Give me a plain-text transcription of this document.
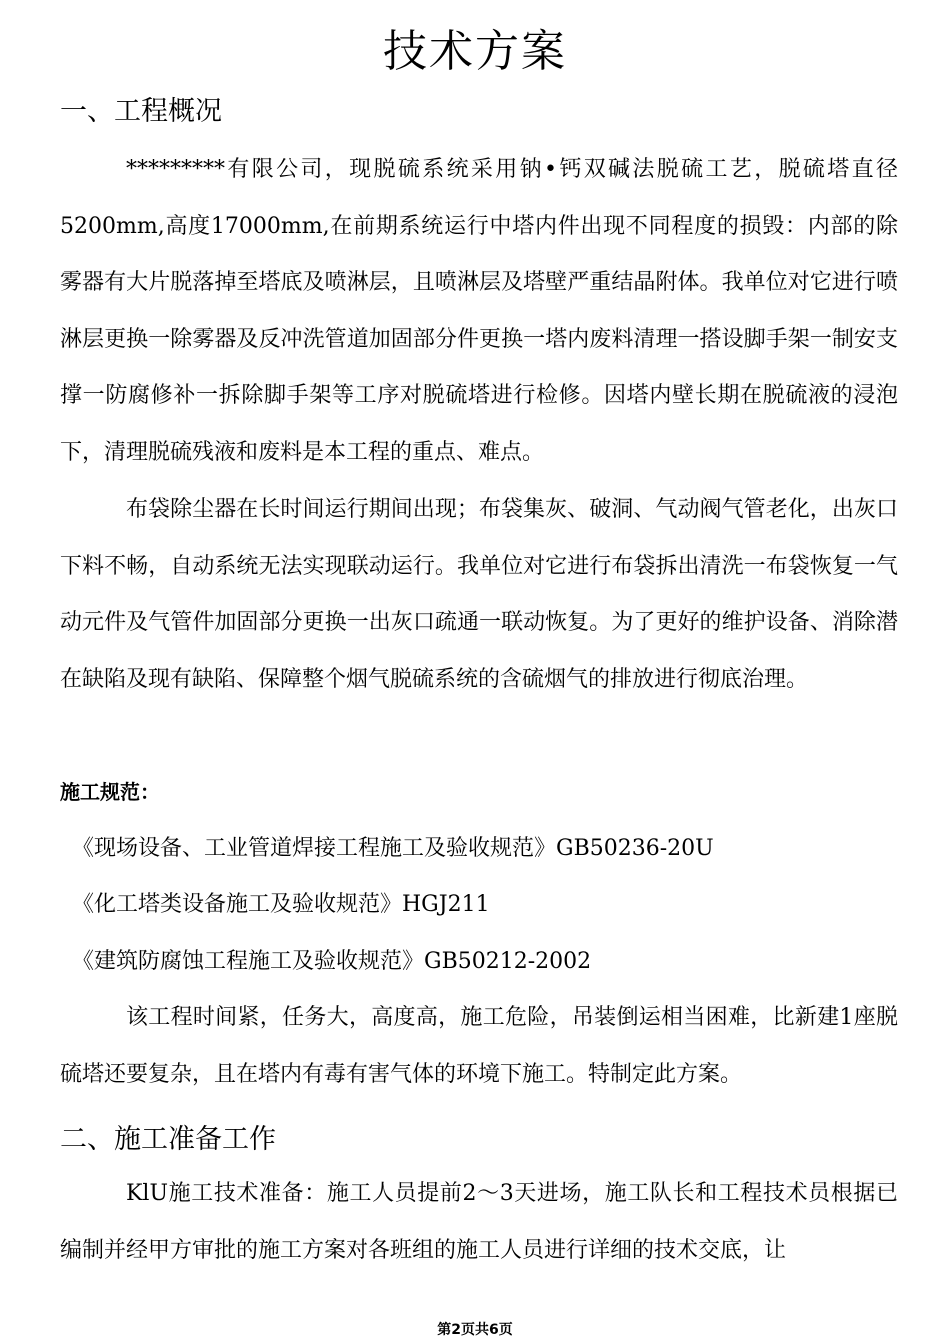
技术方案
一、工程概况

*********有限公司，现脱硫系统采用钠•钙双碱法脱硫工艺，脱硫塔直径5200mm,高度17000mm,在前期系统运行中塔内件出现不同程度的损毁：内部的除雾器有大片脱落掉至塔底及喷淋层，且喷淋层及塔壁严重结晶附体。我单位对它进行喷淋层更换一除雾器及反冲洗管道加固部分件更换一塔内废料清理一搭设脚手架一制安支撑一防腐修补一拆除脚手架等工序对脱硫塔进行检修。因塔内壁长期在脱硫液的浸泡下，清理脱硫残液和废料是本工程的重点、难点。

布袋除尘器在长时间运行期间出现；布袋集灰、破洞、气动阀气管老化，出灰口下料不畅，自动系统无法实现联动运行。我单位对它进行布袋拆出清洗一布袋恢复一气动元件及气管件加固部分更换一出灰口疏通一联动恢复。为了更好的维护设备、消除潜在缺陷及现有缺陷、保障整个烟气脱硫系统的含硫烟气的排放进行彻底治理。

施工规范：
《现场设备、工业管道焊接工程施工及验收规范》GB50236-20U
《化工塔类设备施工及验收规范》HGJ211
《建筑防腐蚀工程施工及验收规范》GB50212-2002

该工程时间紧，任务大，高度高，施工危险，吊装倒运相当困难，比新建1座脱硫塔还要复杂，且在塔内有毒有害气体的环境下施工。特制定此方案。

二、施工准备工作

KlU施工技术准备：施工人员提前2〜3天进场，施工队长和工程技术员根据已编制并经甲方审批的施工方案对各班组的施工人员进行详细的技术交底，让

第2页共6页
